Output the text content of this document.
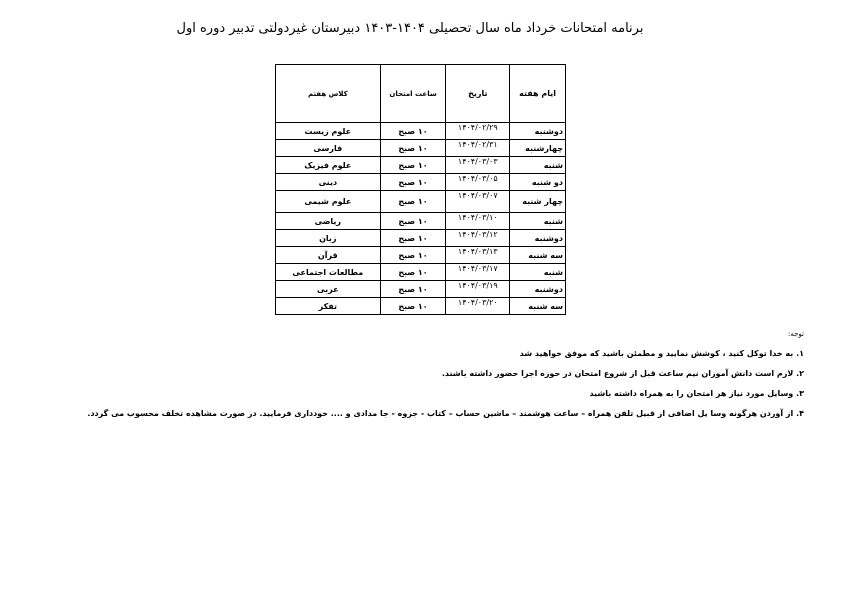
برنامه امتحانات خرداد ماه سال تحصیلی ۱۴۰۴-۱۴۰۳ دبیرستان غیردولتی تدبیر دوره اول
ایام هفته	تاریخ	ساعت امتحان	کلاس هفتم
دوشنبه	۱۴۰۴/۰۲/۲۹	۱۰ صبح	علوم زیست
چهارشنبه	۱۴۰۴/۰۲/۳۱	۱۰ صبح	فارسی
شنبه	۱۴۰۴/۰۳/۰۳	۱۰ صبح	علوم فیزیک
دو شنبه	۱۴۰۴/۰۳/۰۵	۱۰ صبح	دینی
چهار شنبه	۱۴۰۴/۰۳/۰۷	۱۰ صبح	علوم شیمی
شنبه	۱۴۰۴/۰۳/۱۰	۱۰ صبح	ریاضی
دوشنبه	۱۴۰۴/۰۳/۱۲	۱۰ صبح	زبان
سه شنبه	۱۴۰۴/۰۳/۱۳	۱۰ صبح	قرآن
شنبه	۱۴۰۴/۰۳/۱۷	۱۰ صبح	مطالعات اجتماعی
دوشنبه	۱۴۰۴/۰۳/۱۹	۱۰ صبح	عربی
سه شنبه	۱۴۰۴/۰۳/۲۰	۱۰ صبح	تفکر
توجه:
۱. به خدا توکل کنید ، کوشش نمایید و مطمئن باشید که موفق خواهید شد
۲. لازم است دانش آموزان نیم ساعت قبل از شروع امتحان در حوزه اجرا حضور داشته باشند.
۳. وسایل مورد نیاز هر امتحان را به همراه داشته باشید
۴. از آوردن هرگونه وسا یل اضافی از قبیل تلفن همراه – ساعت هوشمند – ماشین حساب – کتاب - جزوه - جا مدادی و .... خودداری فرمایید. در صورت مشاهده تخلف محسوب می گردد.
